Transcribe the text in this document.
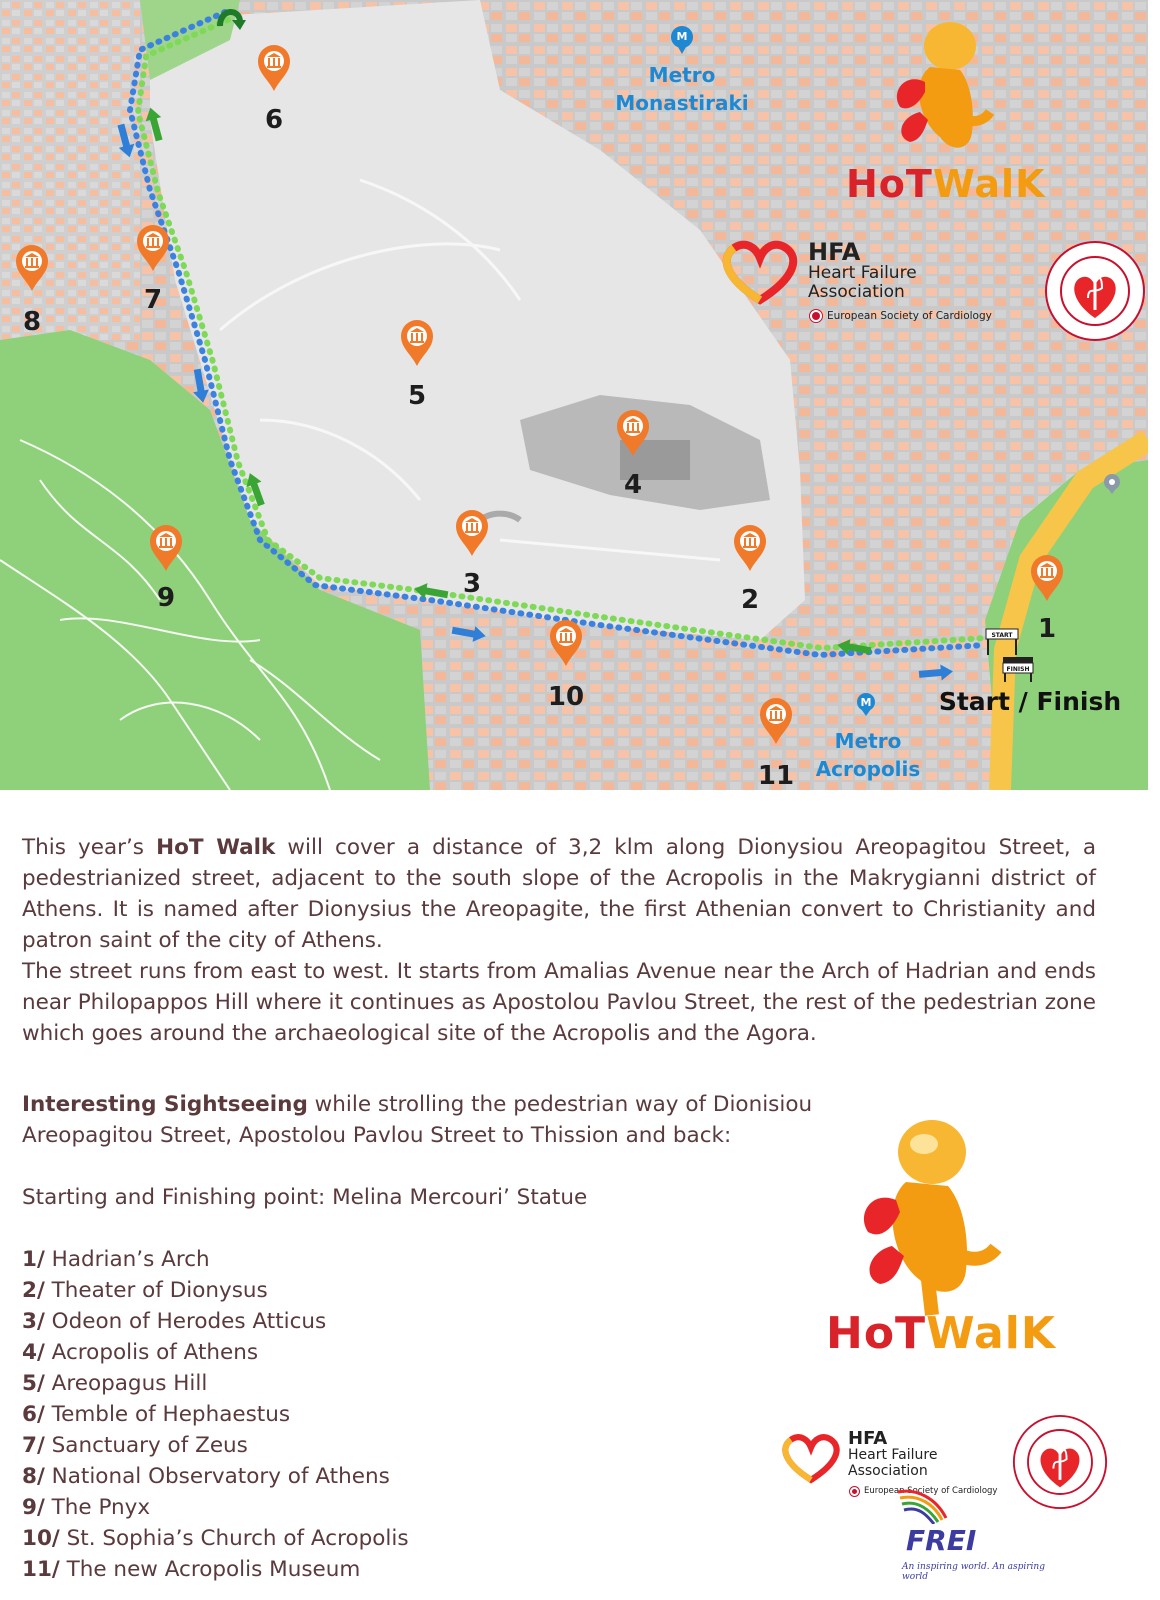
START
FINISH
1
2
3
4
5
6
7
8
9
10
11
M
Metro
Monastiraki
M
Metro
Acropolis
Start / Finish
HoTWalK
HFA
Heart Failure
Association
European Society of Cardiology

This year’s HoT Walk will cover a distance of 3,2 klm along Dionysiou Areopagitou Street, a pedestrianized street, adjacent to the south slope of the Acropolis in the Makrygianni district of Athens. It is named after Dionysius the Areopagite, the first Athenian convert to Christianity and patron saint of the city of Athens.

The street runs from east to west. It starts from Amalias Avenue near the Arch of Hadrian and ends near Philopappos Hill where it continues as Apostolou Pavlou Street, the rest of the pedestrian zone which goes around the archaeological site of the Acropolis and the Agora.

Interesting Sightseeing while strolling the pedestrian way of Dionisiou Areopagitou Street, Apostolou Pavlou Street to Thission and back:

Starting and Finishing point: Melina Mercouri’ Statue

1/ Hadrian’s Arch
2/ Theater of Dionysus
3/ Odeon of Herodes Atticus
4/ Acropolis of Athens
5/ Areopagus Hill
6/ Temble of Hephaestus
7/ Sanctuary of Zeus
8/ National Observatory of Athens
9/ The Pnyx
10/ St. Sophia’s Church of Acropolis
11/ The new Acropolis Museum
HoTWalK
HFA
Heart Failure
Association
European Society of Cardiology
FREI
An inspiring world. An aspiring world
